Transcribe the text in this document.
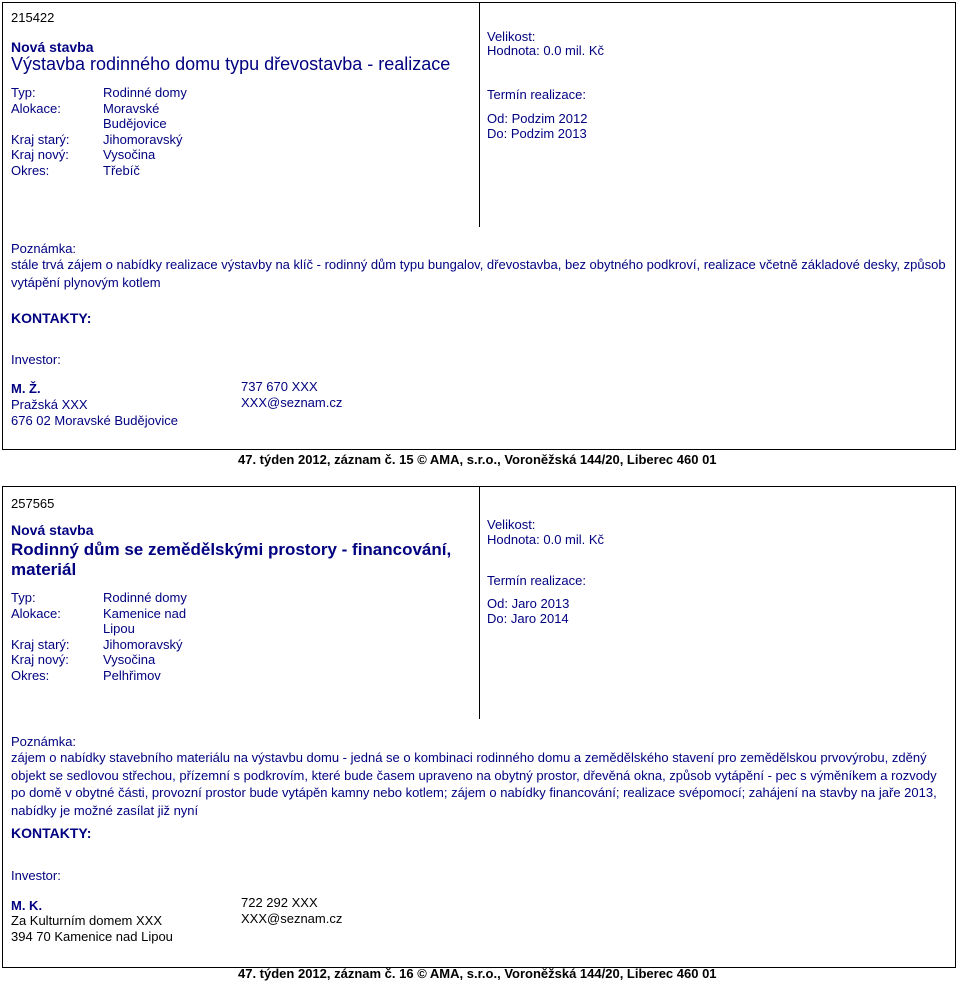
215422
Nová stavba
Výstavba rodinného domu typu dřevostavba - realizace
Typ:	Rodinné domy
Alokace:	Moravské Budějovice
Kraj starý:	Jihomoravský
Kraj nový:	Vysočina
Okres:	Třebíč
Velikost:
Hodnota: 0.0 mil. Kč
Termín realizace:
Od: Podzim 2012
Do: Podzim 2013
Poznámka:
stále trvá zájem o nabídky realizace výstavby na klíč - rodinný dům typu bungalov, dřevostavba, bez obytného podkroví, realizace včetně základové desky, způsob vytápění plynovým kotlem
KONTAKTY:
Investor:
M. Ž.
Pražská XXX
676 02 Moravské Budějovice
737 670 XXX
XXX@seznam.cz
47. týden 2012, záznam č. 15 © AMA, s.r.o., Voroněžská 144/20, Liberec 460 01
257565
Nová stavba
Rodinný dům se zemědělskými prostory - financování, materiál
Typ:	Rodinné domy
Alokace:	Kamenice nad Lipou
Kraj starý:	Jihomoravský
Kraj nový:	Vysočina
Okres:	Pelhřimov
Velikost:
Hodnota: 0.0 mil. Kč
Termín realizace:
Od: Jaro 2013
Do: Jaro 2014
Poznámka:
zájem o nabídky stavebního materiálu na výstavbu domu - jedná se o kombinaci rodinného domu a zemědělského stavení pro zemědělskou prvovýrobu, zděný objekt se sedlovou střechou, přízemní s podkrovím, které bude časem upraveno na obytný prostor, dřevěná okna, způsob vytápění - pec s výměníkem a rozvody po domě v obytné části, provozní prostor bude vytápěn kamny nebo kotlem; zájem o nabídky financování; realizace svépomocí; zahájení na stavby na jaře 2013, nabídky je možné zasílat již nyní
KONTAKTY:
Investor:
M. K.
Za Kulturním domem XXX
394 70 Kamenice nad Lipou
722 292 XXX
XXX@seznam.cz
47. týden 2012, záznam č. 16 © AMA, s.r.o., Voroněžská 144/20, Liberec 460 01
